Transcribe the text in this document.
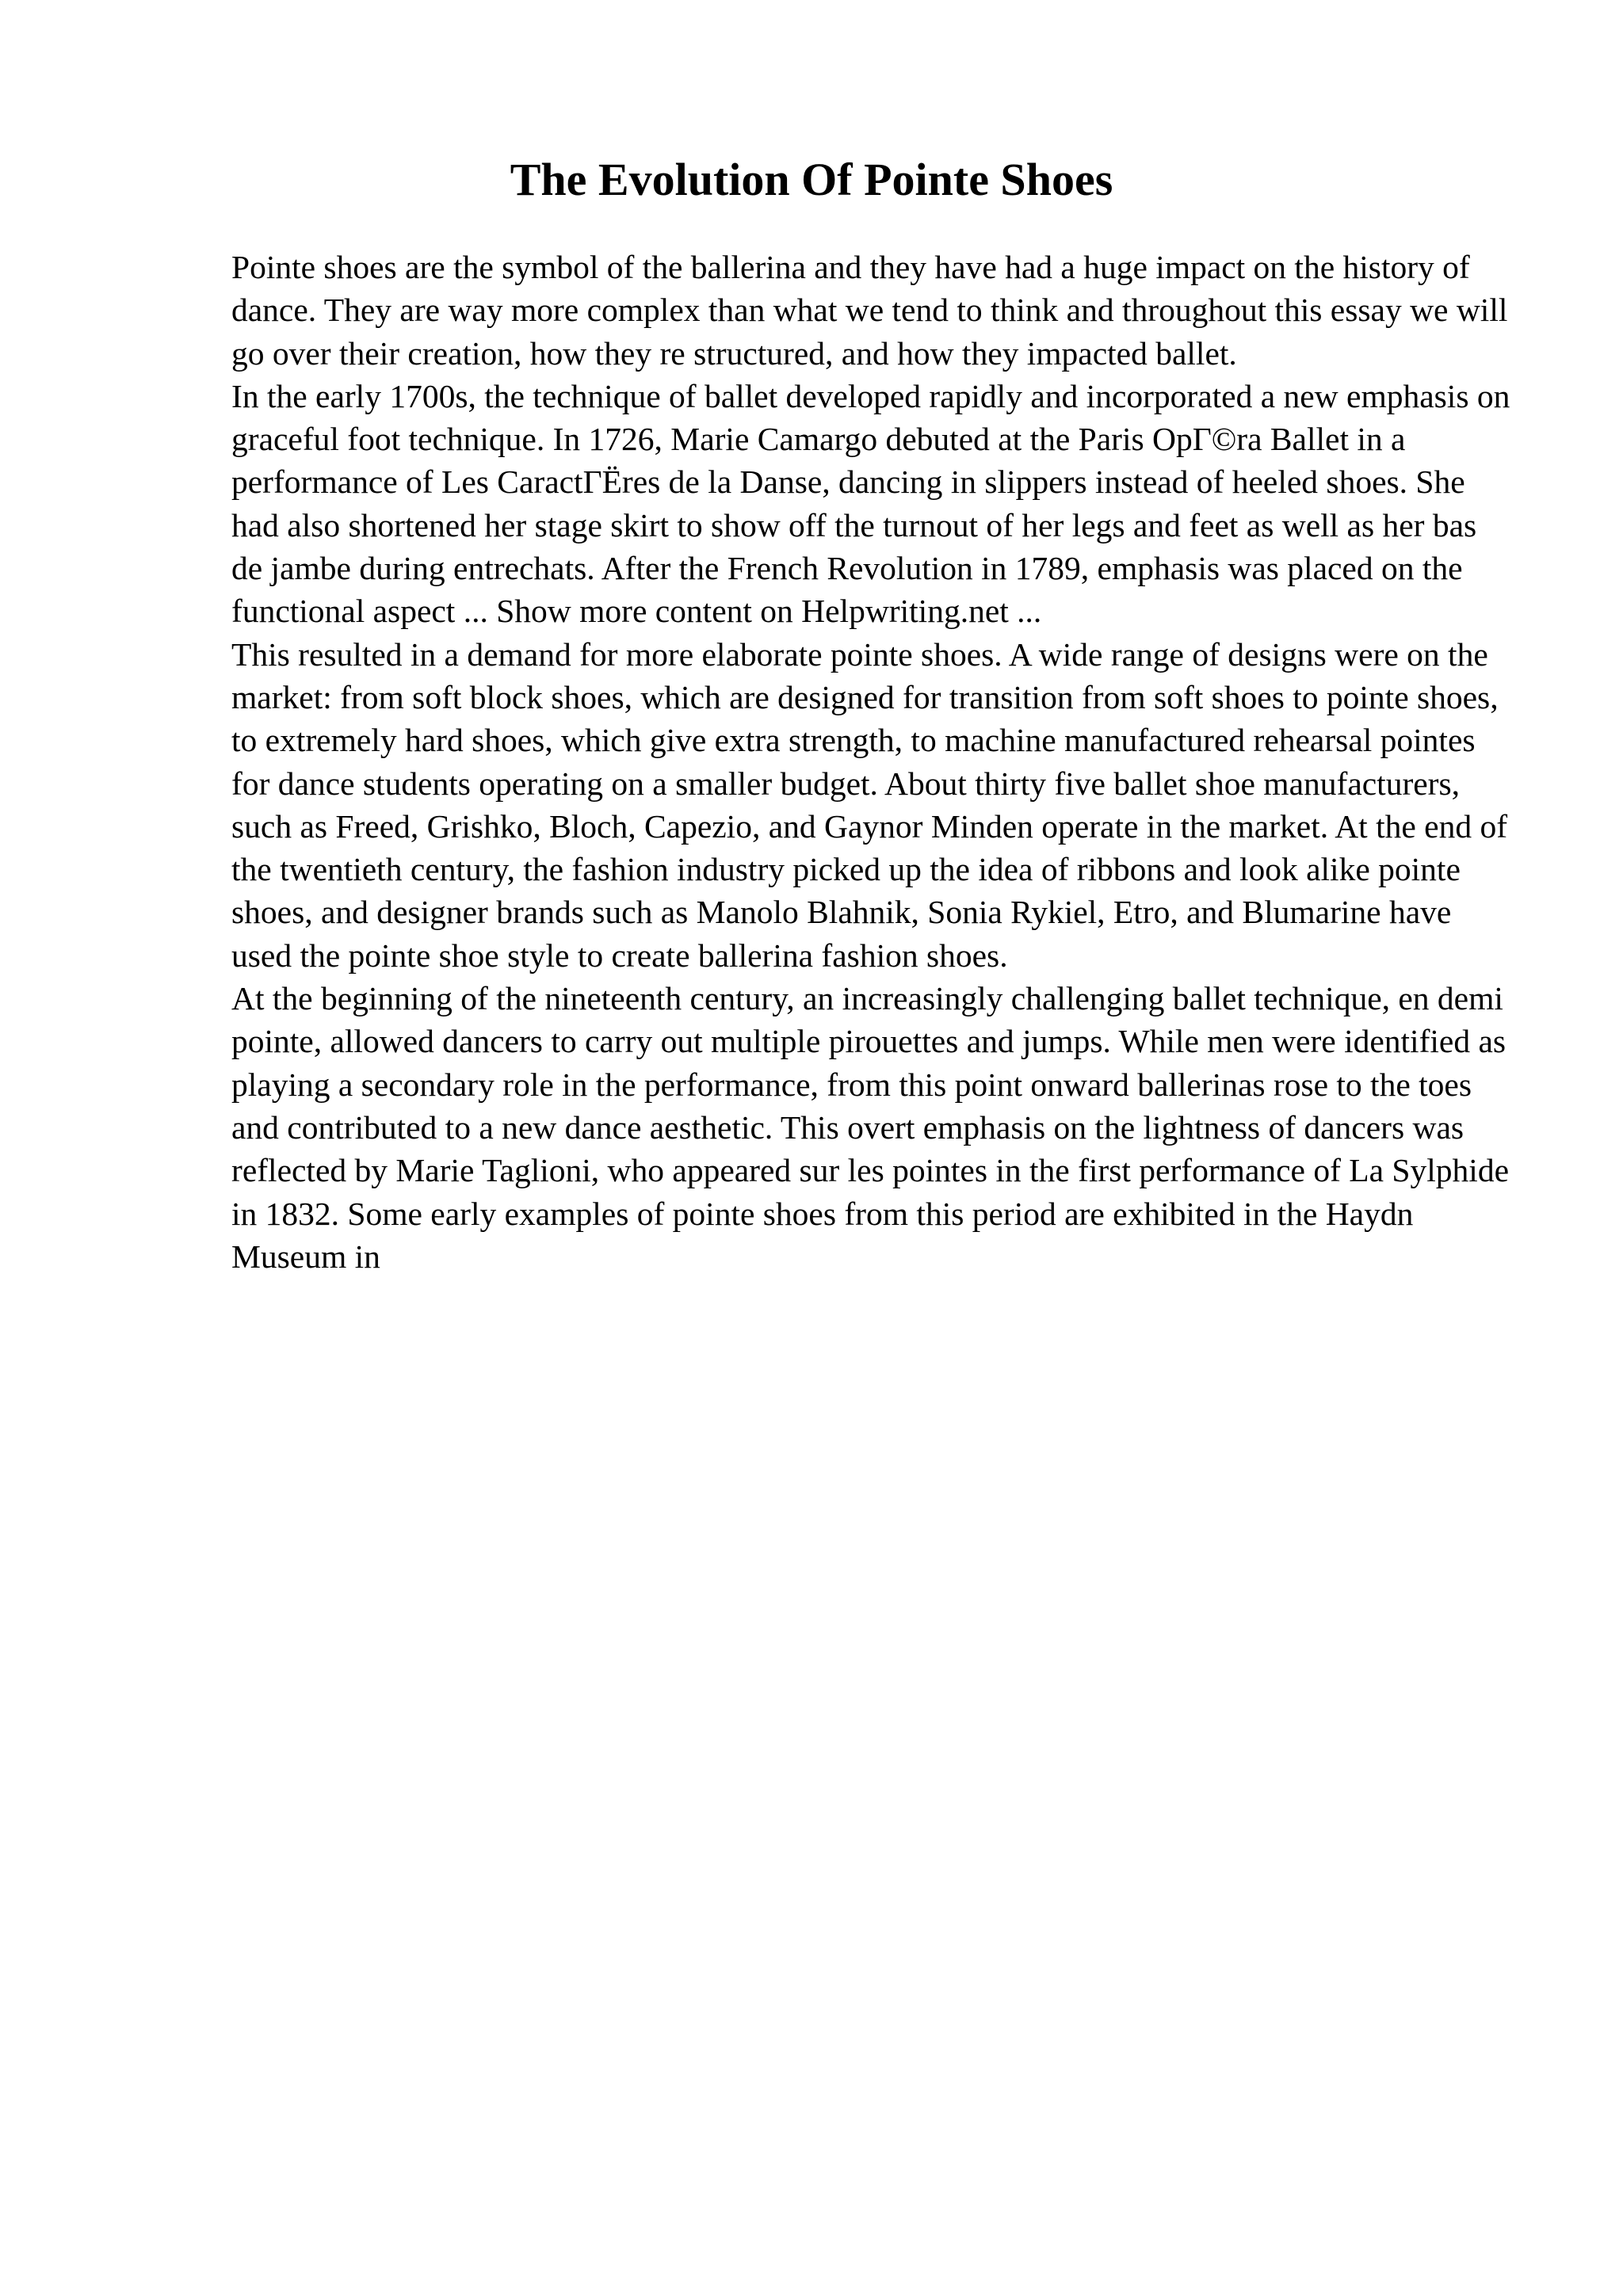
The Evolution Of Pointe Shoes

Pointe shoes are the symbol of the ballerina and they have had a huge impact on the history of dance. They are way more complex than what we tend to think and throughout this essay we will go over their creation, how they re structured, and how they impacted ballet.

In the early 1700s, the technique of ballet developed rapidly and incorporated a new emphasis on graceful foot technique. In 1726, Marie Camargo debuted at the Paris OpГ©ra Ballet in a performance of Les CaractГËres de la Danse, dancing in slippers instead of heeled shoes. She had also shortened her stage skirt to show off the turnout of her legs and feet as well as her bas de jambe during entrechats. After the French Revolution in 1789, emphasis was placed on the functional aspect ... Show more content on Helpwriting.net ...

This resulted in a demand for more elaborate pointe shoes. A wide range of designs were on the market: from soft block shoes, which are designed for transition from soft shoes to pointe shoes, to extremely hard shoes, which give extra strength, to machine manufactured rehearsal pointes for dance students operating on a smaller budget. About thirty five ballet shoe manufacturers, such as Freed, Grishko, Bloch, Capezio, and Gaynor Minden operate in the market. At the end of the twentieth century, the fashion industry picked up the idea of ribbons and look alike pointe shoes, and designer brands such as Manolo Blahnik, Sonia Rykiel, Etro, and Blumarine have used the pointe shoe style to create ballerina fashion shoes.

At the beginning of the nineteenth century, an increasingly challenging ballet technique, en demi pointe, allowed dancers to carry out multiple pirouettes and jumps. While men were identified as playing a secondary role in the performance, from this point onward ballerinas rose to the toes and contributed to a new dance aesthetic. This overt emphasis on the lightness of dancers was reflected by Marie Taglioni, who appeared sur les pointes in the first performance of La Sylphide in 1832. Some early examples of pointe shoes from this period are exhibited in the Haydn Museum in
